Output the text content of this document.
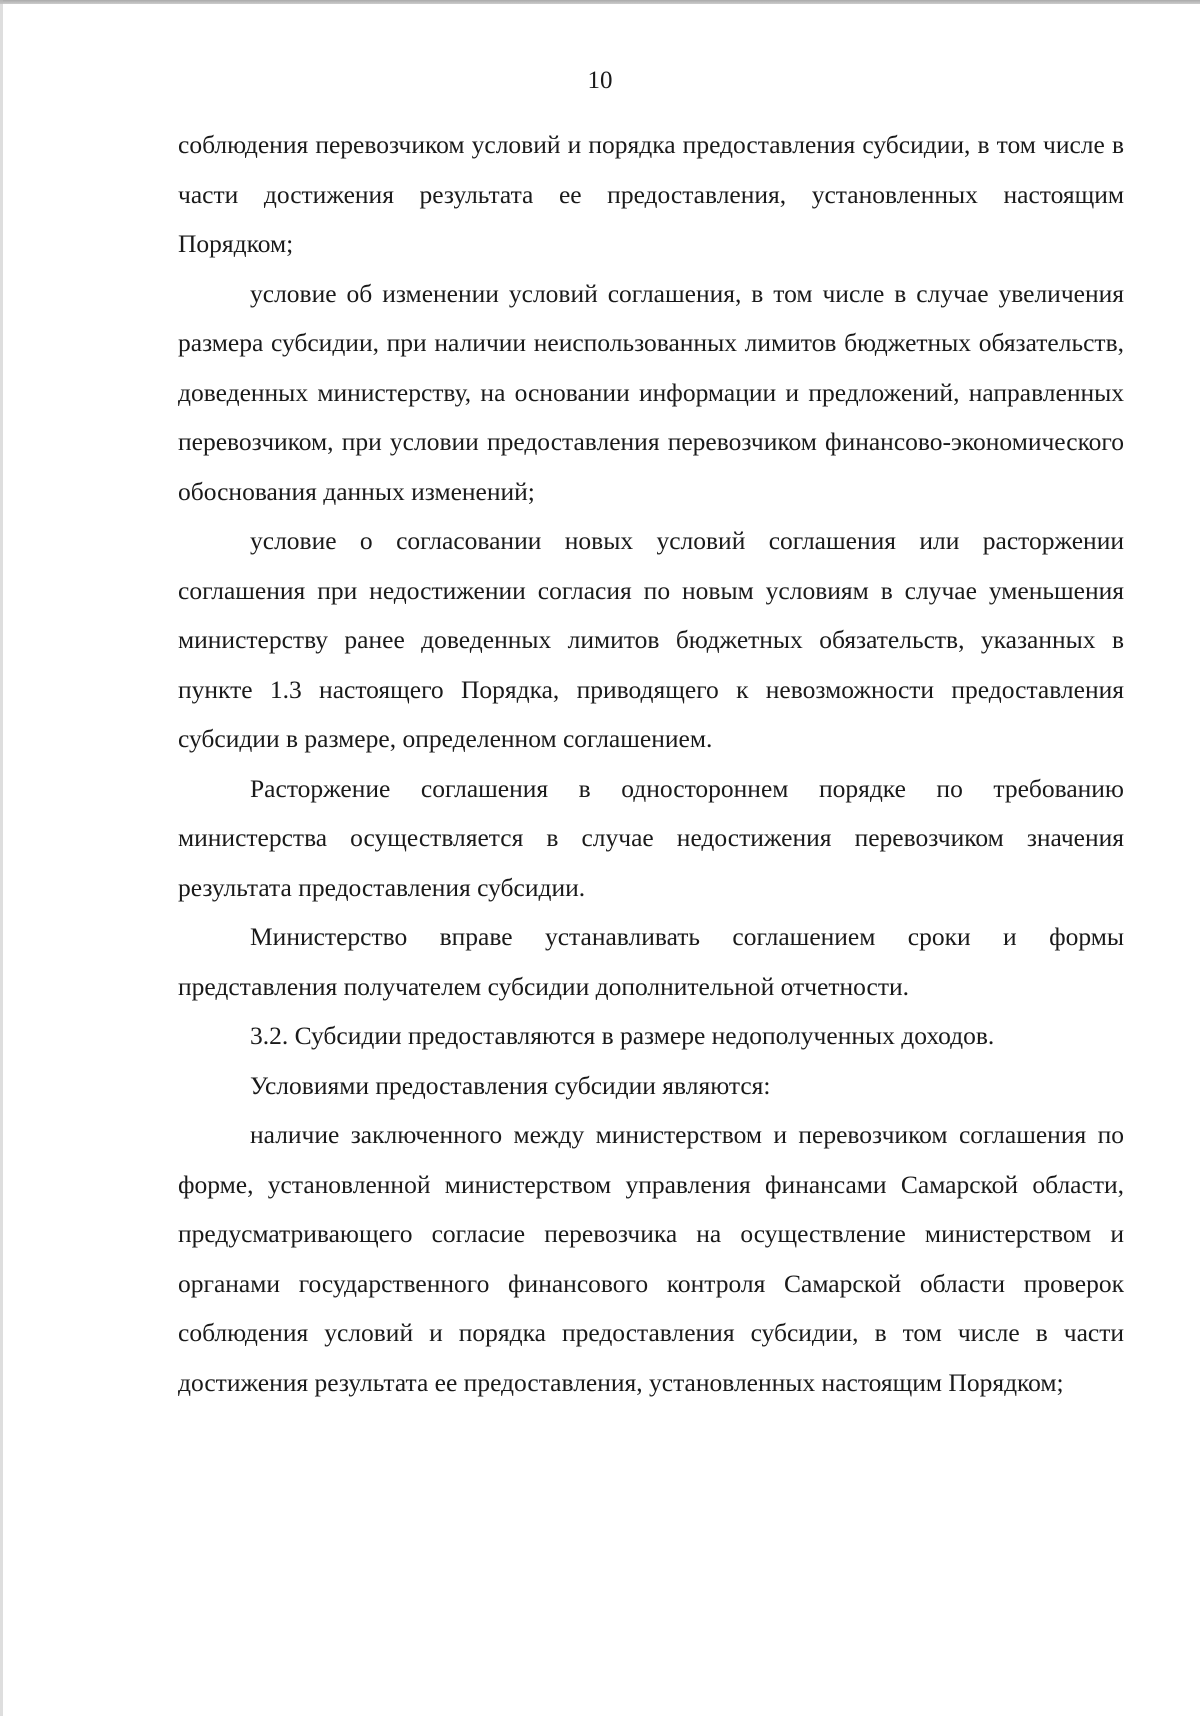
10

соблюдения перевозчиком условий и порядка предоставления субсидии, в том числе в части достижения результата ее предоставления, установленных настоящим Порядком;

условие об изменении условий соглашения, в том числе в случае увеличения размера субсидии, при наличии неиспользованных лимитов бюджетных обязательств, доведенных министерству, на основании информации и предложений, направленных перевозчиком, при условии предоставления перевозчиком финансово-экономического обоснования данных изменений;

условие о согласовании новых условий соглашения или расторжении соглашения при недостижении согласия по новым условиям в случае уменьшения министерству ранее доведенных лимитов бюджетных обязательств, указанных в пункте 1.3 настоящего Порядка, приводящего к невозможности предоставления субсидии в размере, определенном соглашением.

Расторжение соглашения в одностороннем порядке по требованию министерства осуществляется в случае недостижения перевозчиком значения результата предоставления субсидии.

Министерство вправе устанавливать соглашением сроки и формы представления получателем субсидии дополнительной отчетности.

3.2. Субсидии предоставляются в размере недополученных доходов.

Условиями предоставления субсидии являются:

наличие заключенного между министерством и перевозчиком соглашения по форме, установленной министерством управления финансами Самарской области, предусматривающего согласие перевозчика на осуществление министерством и органами государственного финансового контроля Самарской области проверок соблюдения условий и порядка предоставления субсидии, в том числе в части достижения результата ее предоставления, установленных настоящим Порядком;
